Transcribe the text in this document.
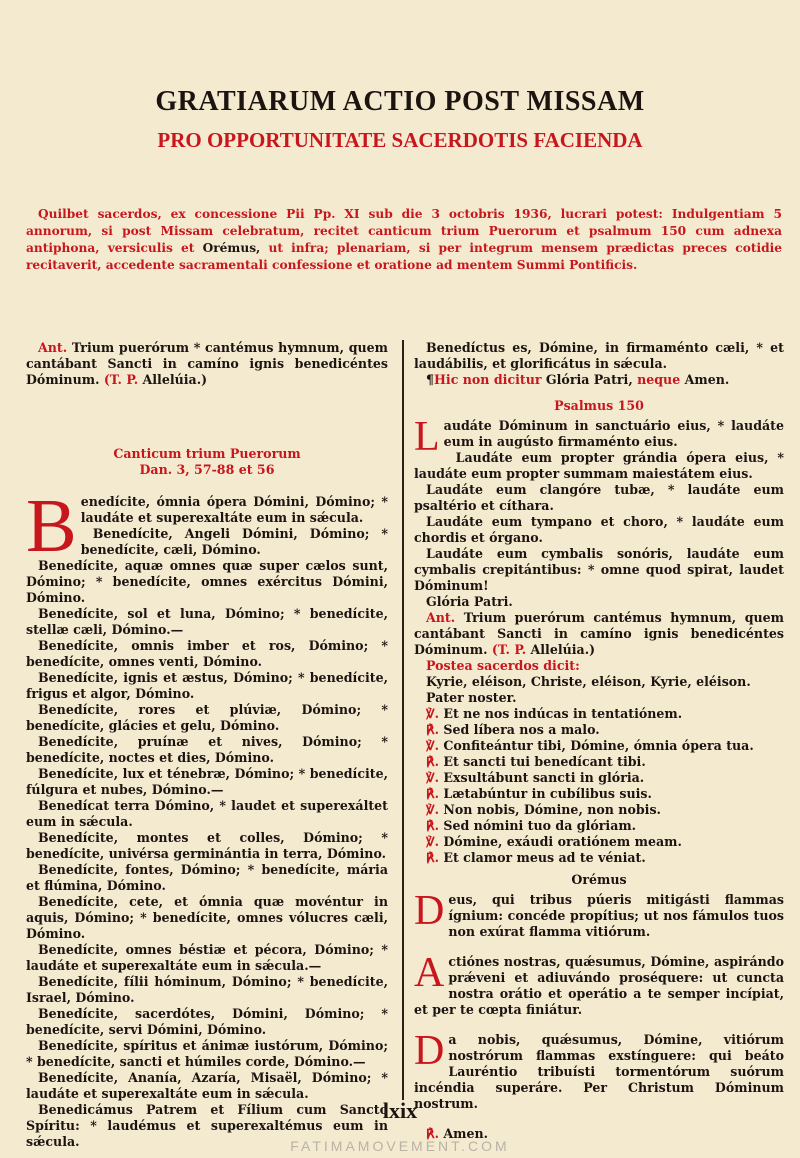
GRATIARUM ACTIO POST MISSAM
PRO OPPORTUNITATE SACERDOTIS FACIENDA
Quilbet sacerdos, ex concessione Pii Pp. XI sub die 3 octobris 1936, lucrari potest: Indulgentiam 5 annorum, si post Missam celebratum, recitet canticum trium Puerorum et psalmum 150 cum adnexa antiphona, versiculis et Orémus, ut infra; plenariam, si per integrum mensem prædictas preces cotidie recitaverit, accedente sacramentali confessione et oratione ad mentem Summi Pontificis.

Ant. Trium puerórum * cantémus hymnum, quem cantábant Sancti in camíno ignis benedicéntes Dóminum. (T. P. Allelúia.)

Canticum trium Puerorum
Dan. 3, 57-88 et 56

Benedícite, ómnia ópera Dómini, Dómino; * laudáte et superexaltáte eum in sǽcula.

Benedícite, Angeli Dómini, Dómino; * benedícite, cæli, Dómino.

Benedícite, aquæ omnes quæ super cælos sunt, Dómino; * benedícite, omnes exércitus Dómini, Dómino.

Benedícite, sol et luna, Dómino; * benedícite, stellæ cæli, Dómino.—

Benedícite, omnis imber et ros, Dómino; * benedícite, omnes venti, Dómino.

Benedícite, ignis et æstus, Dómino; * benedícite, frigus et algor, Dómino.

Benedícite, rores et plúviæ, Dómino; * benedícite, glácies et gelu, Dómino.

Benedícite, pruínæ et nives, Dómino; * benedícite, noctes et dies, Dómino.

Benedícite, lux et ténebræ, Dómino; * benedícite, fúlgura et nubes, Dómino.—

Benedícat terra Dómino, * laudet et superexáltet eum in sǽcula.

Benedícite, montes et colles, Dómino; * benedícite, univérsa germinántia in terra, Dómino.

Benedícite, fontes, Dómino; * benedícite, mária et flúmina, Dómino.

Benedícite, cete, et ómnia quæ movéntur in aquis, Dómino; * benedícite, omnes vólucres cæli, Dómino.

Benedícite, omnes béstiæ et pécora, Dómino; * laudáte et superexaltáte eum in sǽcula.—

Benedícite, fílii hóminum, Dómino; * benedícite, Israel, Dómino.

Benedícite, sacerdótes, Dómini, Dómino; * benedícite, servi Dómini, Dómino.

Benedícite, spíritus et ánimæ iustórum, Dómino; * benedícite, sancti et húmiles corde, Dómino.—

Benedícite, Ananía, Azaría, Misaël, Dómino; * laudáte et superexaltáte eum in sǽcula.

Benedicámus Patrem et Fílium cum Sancto Spíritu: * laudémus et superexaltémus eum in sǽcula.

Benedíctus es, Dómine, in firmaménto cæli, * et laudábilis, et glorificátus in sǽcula.

¶Hic non dicitur Glória Patri, neque Amen.

Psalmus 150

Laudáte Dóminum in sanctuário eius, * laudáte eum in augústo firmaménto eius.

Laudáte eum propter grándia ópera eius, * laudáte eum propter summam maiestátem eius.

Laudáte eum clangóre tubæ, * laudáte eum psaltério et cíthara.

Laudáte eum tympano et choro, * laudáte eum chordis et órgano.

Laudáte eum cymbalis sonóris, laudáte eum cymbalis crepitántibus: * omne quod spirat, laudet Dóminum!

Glória Patri.

Ant. Trium puerórum cantémus hymnum, quem cantábant Sancti in camíno ignis benedicéntes Dóminum. (T. P. Allelúia.)

Postea sacerdos dicit:

Kyrie, eléison, Christe, eléison, Kyrie, eléison.

Pater noster.

℣. Et ne nos indúcas in tentatiónem.

℟. Sed líbera nos a malo.

℣. Confiteántur tibi, Dómine, ómnia ópera tua.

℟. Et sancti tui benedícant tibi.

℣. Exsultábunt sancti in glória.

℟. Lætabúntur in cubílibus suis.

℣. Non nobis, Dómine, non nobis.

℟. Sed nómini tuo da glóriam.

℣. Dómine, exáudi oratiónem meam.

℟. Et clamor meus ad te véniat.

Orémus

Deus, qui tribus púeris mitigásti flammas ígnium: concéde propítius; ut nos fámulos tuos non exúrat flamma vitiórum.

Actiónes nostras, quǽsumus, Dómine, aspirándo prǽveni et adiuvándo proséquere: ut cuncta nostra orátio et operátio a te semper incípiat, et per te cœpta finiátur.

Da nobis, quǽsumus, Dómine, vitiórum nostrórum flammas exstínguere: qui beáto Lauréntio tribuísti tormentórum suórum incéndia superáre. Per Christum Dóminum nostrum.

℟. Amen.

lxix
FATIMAMOVEMENT.COM
